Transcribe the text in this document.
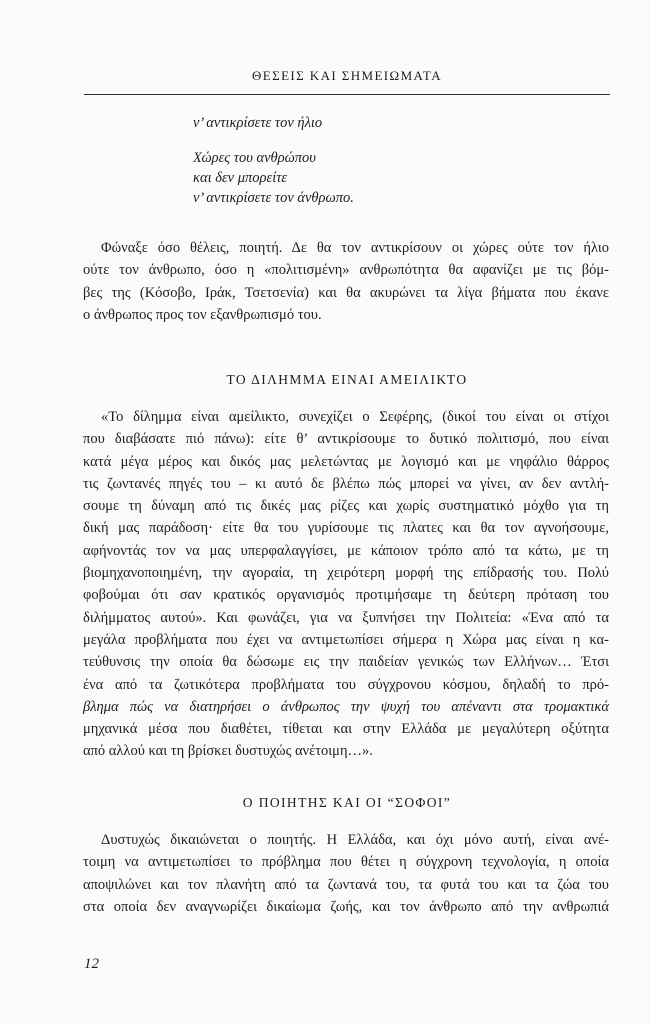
ΘΕΣΕΙΣ ΚΑΙ ΣΗΜΕΙΩΜΑΤΑ
ν’ αντικρίσετε τον ήλιο
Χώρες του ανθρώπου
και δεν μπορείτε
ν’ αντικρίσετε τον άνθρωπο.
Φώναξε όσο θέλεις, ποιητή. Δε θα τον αντικρίσουν οι χώρες ούτε τον ήλιο
ούτε τον άνθρωπο, όσο η «πολιτισμένη» ανθρωπότητα θα αφανίζει με τις βόμ-
βες της (Κόσοβο, Ιράκ, Τσετσενία) και θα ακυρώνει τα λίγα βήματα που έκανε
ο άνθρωπος προς τον εξανθρωπισμό του.
ΤΟ ΔΙΛΗΜΜΑ ΕΙΝΑΙ ΑΜΕΙΛΙΚΤΟ
«Το δίλημμα είναι αμείλικτο, συνεχίζει ο Σεφέρης, (δικοί του είναι οι στίχοι
που διαβάσατε πιό πάνω): είτε θ’ αντικρίσουμε το δυτικό πολιτισμό, που είναι
κατά μέγα μέρος και δικός μας μελετώντας με λογισμό και με νηφάλιο θάρρος
τις ζωντανές πηγές του – κι αυτό δε βλέπω πώς μπορεί να γίνει, αν δεν αντλή-
σουμε τη δύναμη από τις δικές μας ρίζες και χωρίς συστηματικό μόχθο για τη
δική μας παράδοση· είτε θα του γυρίσουμε τις πλατες και θα τον αγνοήσουμε,
αφήνοντάς τον να μας υπερφαλαγγίσει, με κάποιον τρόπο από τα κάτω, με τη
βιομηχανοποιημένη, την αγοραία, τη χειρότερη μορφή της επίδρασής του. Πολύ
φοβούμαι ότι σαν κρατικός οργανισμός προτιμήσαμε τη δεύτερη πρόταση του
διλήμματος αυτού». Και φωνάζει, για να ξυπνήσει την Πολιτεία: «Ένα από τα
μεγάλα προβλήματα που έχει να αντιμετωπίσει σήμερα η Χώρα μας είναι η κα-
τεύθυνσις την οποία θα δώσωμε εις την παιδείαν γενικώς των Ελλήνων… Έτσι
ένα από τα ζωτικότερα προβλήματα του σύγχρονου κόσμου, δηλαδή το πρό-
βλημα πώς να διατηρήσει ο άνθρωπος την ψυχή του απέναντι στα τρομακτικά
μηχανικά μέσα που διαθέτει, τίθεται και στην Ελλάδα με μεγαλύτερη οξύτητα
από αλλού και τη βρίσκει δυστυχώς ανέτοιμη…».
Ο ΠΟΙΗΤΗΣ ΚΑΙ ΟΙ “ΣΟΦΟΙ”
Δυστυχώς δικαιώνεται ο ποιητής. Η Ελλάδα, και όχι μόνο αυτή, είναι ανέ-
τοιμη να αντιμετωπίσει το πρόβλημα που θέτει η σύγχρονη τεχνολογία, η οποία
αποψιλώνει και τον πλανήτη από τα ζωντανά του, τα φυτά του και τα ζώα του
στα οποία δεν αναγνωρίζει δικαίωμα ζωής, και τον άνθρωπο από την ανθρωπιά
12
